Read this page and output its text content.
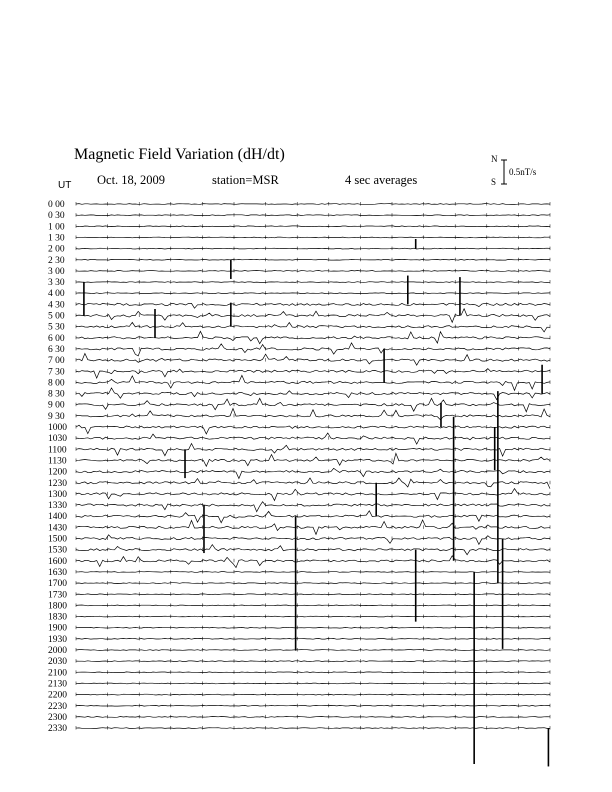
0 00
0 30
1 00
1 30
2 00
2 30
3 00
3 30
4 00
4 30
5 00
5 30
6 00
6 30
7 00
7 30
8 00
8 30
9 00
9 30
1000
1030
1100
1130
1200
1230
1300
1330
1400
1430
1500
1530
1600
1630
1700
1730
1800
1830
1900
1930
2000
2030
2100
2130
2200
2230
2300
2330
Magnetic Field Variation (dH/dt)
Oct. 18, 2009	station=MSR	4 sec averages
UT
N
S
0.5nT/s
